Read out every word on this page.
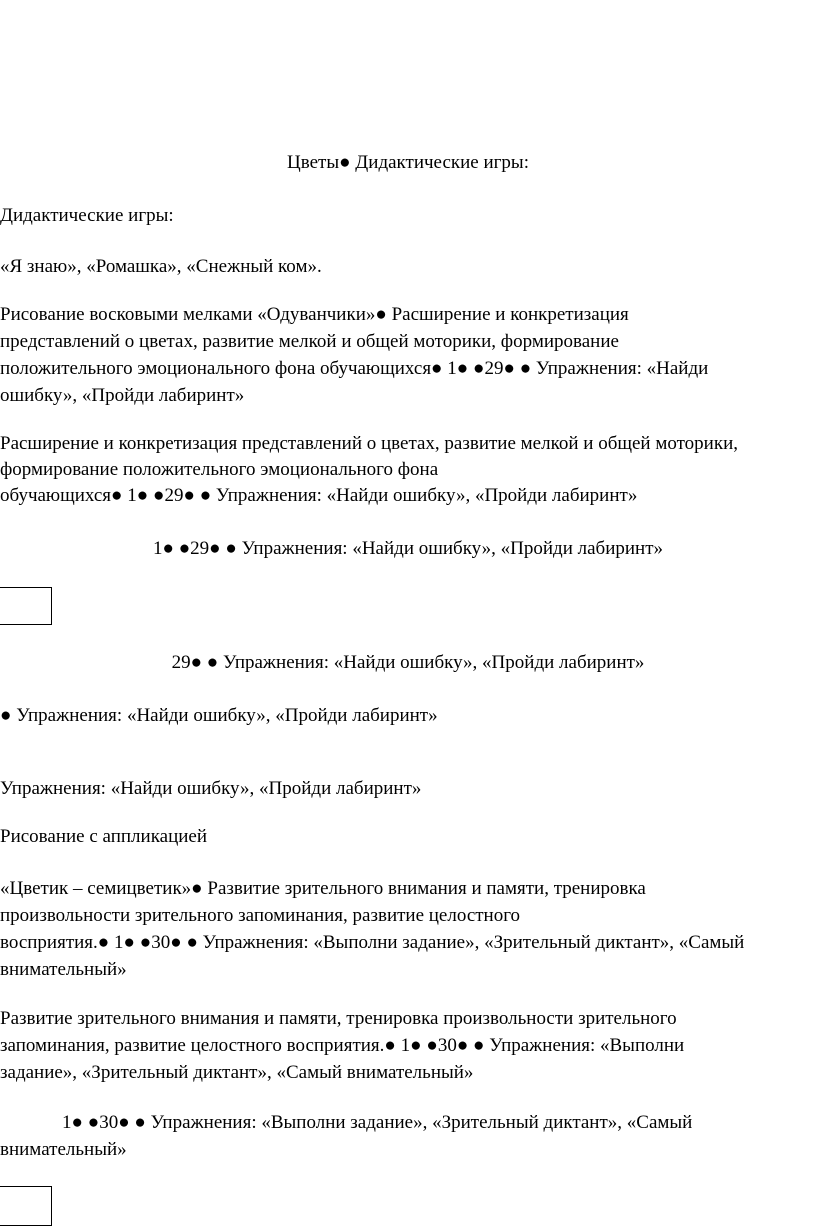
Цветы● Дидактические игры:
Дидактические игры:
«Я знаю», «Ромашка», «Снежный ком».
Рисование восковыми мелками «Одуванчики»● Расширение и конкретизация
представлений о цветах, развитие мелкой и общей моторики, формирование
положительного эмоционального фона обучающихся● 1● ●29● ● Упражнения: «Найди
ошибку», «Пройди лабиринт»
Расширение и конкретизация представлений о цветах, развитие мелкой и общей моторики,
формирование положительного эмоционального фона
обучающихся● 1● ●29● ● Упражнения: «Найди ошибку», «Пройди лабиринт»
1● ●29● ● Упражнения: «Найди ошибку», «Пройди лабиринт»
29● ● Упражнения: «Найди ошибку», «Пройди лабиринт»
● Упражнения: «Найди ошибку», «Пройди лабиринт»
Упражнения: «Найди ошибку», «Пройди лабиринт»
Рисование с аппликацией
«Цветик – семицветик»● Развитие зрительного внимания и памяти, тренировка
произвольности зрительного запоминания, развитие целостного
восприятия.● 1● ●30● ● Упражнения: «Выполни задание», «Зрительный диктант», «Самый
внимательный»
Развитие зрительного внимания и памяти, тренировка произвольности зрительного
запоминания, развитие целостного восприятия.● 1● ●30● ● Упражнения: «Выполни
задание», «Зрительный диктант», «Самый внимательный»
1● ●30● ● Упражнения: «Выполни задание», «Зрительный диктант», «Самый
внимательный»
